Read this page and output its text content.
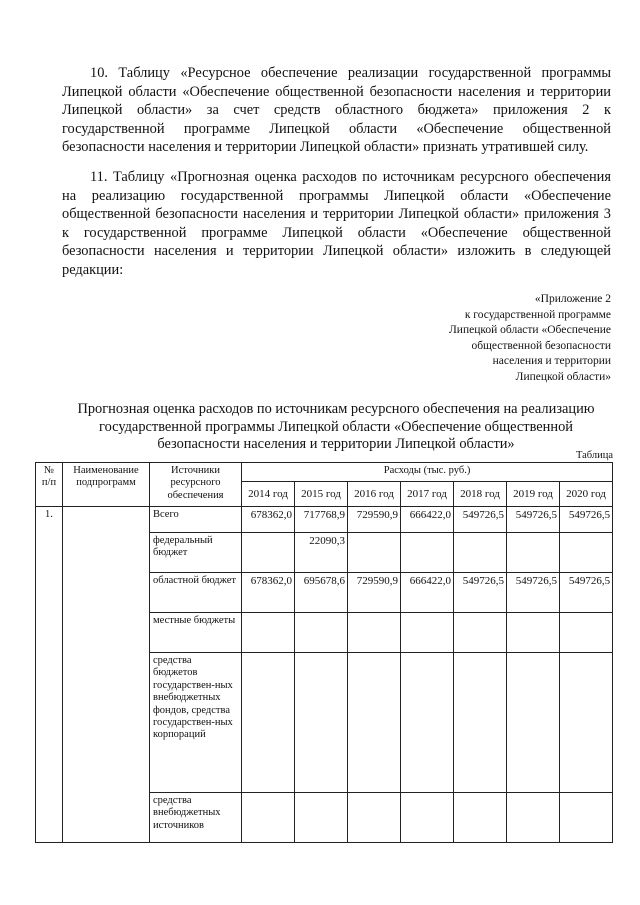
10. Таблицу «Ресурсное обеспечение реализации государственной программы Липецкой области «Обеспечение общественной безопасности населения и территории Липецкой области» за счет средств областного бюджета» приложения 2 к государственной программе Липецкой области «Обеспечение общественной безопасности населения и территории Липецкой области» признать утратившей силу.

11. Таблицу «Прогнозная оценка расходов по источникам ресурсного обеспечения на реализацию государственной программы Липецкой области «Обеспечение общественной безопасности населения и территории Липецкой области» приложения 3 к государственной программе Липецкой области «Обеспечение общественной безопасности населения и территории Липецкой области» изложить в следующей редакции:

«Приложение 2
к государственной программе
Липецкой области «Обеспечение
общественной безопасности
населения и территории
Липецкой области»
Прогнозная оценка расходов по источникам ресурсного обеспечения на реализацию
государственной программы Липецкой области «Обеспечение общественной
безопасности населения и территории Липецкой области»
Таблица
№ п/п	Наименование подпрограмм	Источники ресурсного обеспечения	Расходы (тыс. руб.)						
			2014 год	2015 год	2016 год	2017 год	2018 год	2019 год	2020 год
1.		Всего	678362,0	717768,9	729590,9	666422,0	549726,5	549726,5	549726,5
		федеральный бюджет		22090,3					
		областной бюджет	678362,0	695678,6	729590,9	666422,0	549726,5	549726,5	549726,5
		местные бюджеты							
		средства бюджетов государствен-ных внебюджетных фондов, средства государствен-ных корпораций							
		средства внебюджетных источников							
